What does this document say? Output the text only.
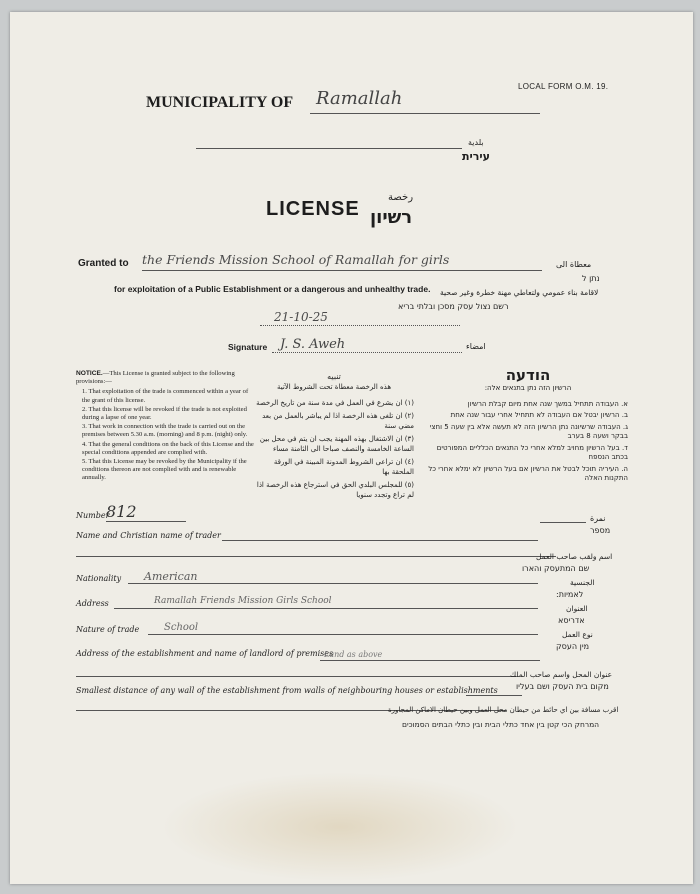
LOCAL FORM O.M. 19.
MUNICIPALITY OF Ramallah
بلدية
עירית
LICENSE
رخصة
רשיון
Granted to the Friends Mission School of Ramallah for girls	معطاة الى
נתן ל
for exploitation of a Public Establishment or a dangerous and unhealthy trade. لاقامة بناء عمومي ولتعاطي مهنة خطرة وغير صحية
רשם נצול עסק מסכן ובלתי בריא
21-10-25
Signature J. S. Aweh	امضاء
NOTICE.—This License is granted subject to the following provisions:—
1. That exploitation of the trade is commenced within a year of the grant of this license.
2. That this license will be revoked if the trade is not exploited during a lapse of one year.
3. That work in connection with the trade is carried out on the premises between 5.30 a.m. (morning) and 8 p.m. (night) only.
4. That the general conditions on the back of this License and the special conditions appended are complied with.
5. That this License may be revoked by the Municipality if the conditions thereon are not complied with and is renewable annually.
تنبيه
هذه الرخصة معطاة تحت الشروط الآتية
(١) ان يشرع في العمل في مدة سنة من تاريخ الرخصة
(٢) ان تلغى هذه الرخصة اذا لم يباشر بالعمل من بعد مضي سنة
(٣) ان الاشتغال بهذه المهنة يجب ان يتم في محل بين الساعة الخامسة والنصف صباحا الى الثامنة مساء
(٤) ان تراعى الشروط المدونة المبينة في الورقة الملحقة بها
(٥) للمجلس البلدي الحق في استرجاع هذه الرخصة اذا لم تراع وتجدد سنويا
הודעה
הרשיון הזה נתן בתנאים אלה:
א. העבודה תתחיל במשך שנה אחת מיום קבלת הרשיון
ב. הרשיון יבטל אם העבודה לא תתחיל אחרי עבור שנה אחת
ג. העבודה שרשיונה נתן הרשיון הזה לא תעשה אלא בין שעה 5 וחצי בבקר ושעה 8 בערב
ד. בעל הרשיון מחויב למלא אחרי כל התנאים הכלליים המפורטים בכתב הנספח
ה. העיריה תוכל לבטל את הרשיון אם בעל הרשיון לא ימלא אחרי כל התקנות האלה
Number
812	نمرة
מספר
Name and Christian name of trader
اسم ولقب صاحب العمل
שם המתעסק והארו
Nationality American	الجنسية
לאמיות:
Address	Ramallah Friends Mission Girls School
العنوان
אדריסא
Nature of trade School
نوع العمل
מין העסק
Address of the establishment and name of landlord of premises
Land as above
عنوان المحل واسم صاحب الملك
מקום בית העסק ושם בעליו
Smallest distance of any wall of the establishment from walls of neighbouring houses or establishments
اقرب مسافة بين اي حائط من حيطان محل العمل وبين حيطان الاماكن المجاورة
המרחק הכי קטן בין אחד כתלי הבית ובין כתלי הבתים הסמוכים
